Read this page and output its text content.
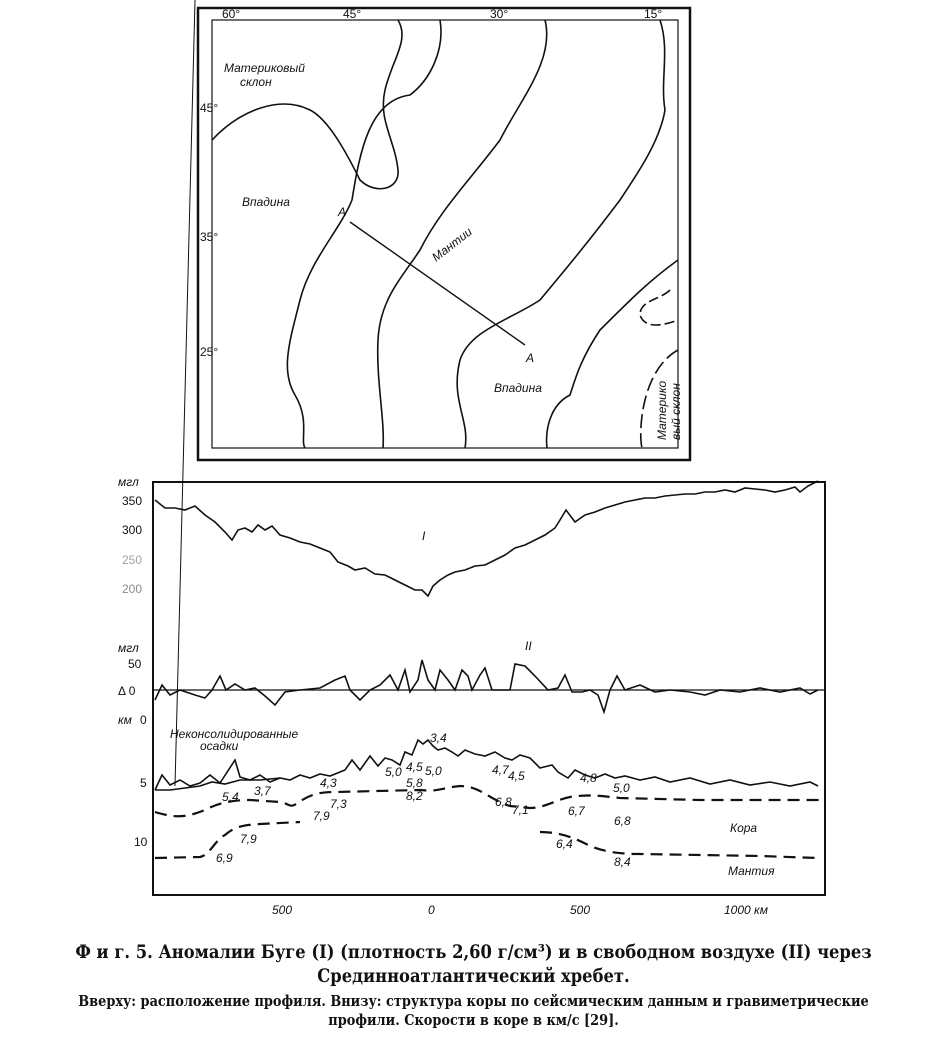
60°	45°	30°	15°
45°
35°
25°
Материковый
склон
Впадина
Впадина
A
A
Мантии
Материко вый склон
мгл
350
300
250
200
мгл
50
Δ 0
км 0
5
10
500	0	500	1000 км
I
II
Неконсолидированные
осадки
Кора
Мантия
5,4 3,7
4,3
5,0 4,5 5,0
3,4
5,8
8,2
4,7 4,5
6,8
7,1
4,8
6,7
5,0
6,8
7,3
7,9
7,9
6,9
6,4
8,4
Ф и г. 5. Аномалии Буге (I) (плотность 2,60 г/см³) и в свободном воздухе (II) через Срединноатлантический хребет.
Вверху: расположение профиля. Внизу: структура коры по сейсмическим данным и гравиметрические профили. Скорости в коре в км/с [29].
